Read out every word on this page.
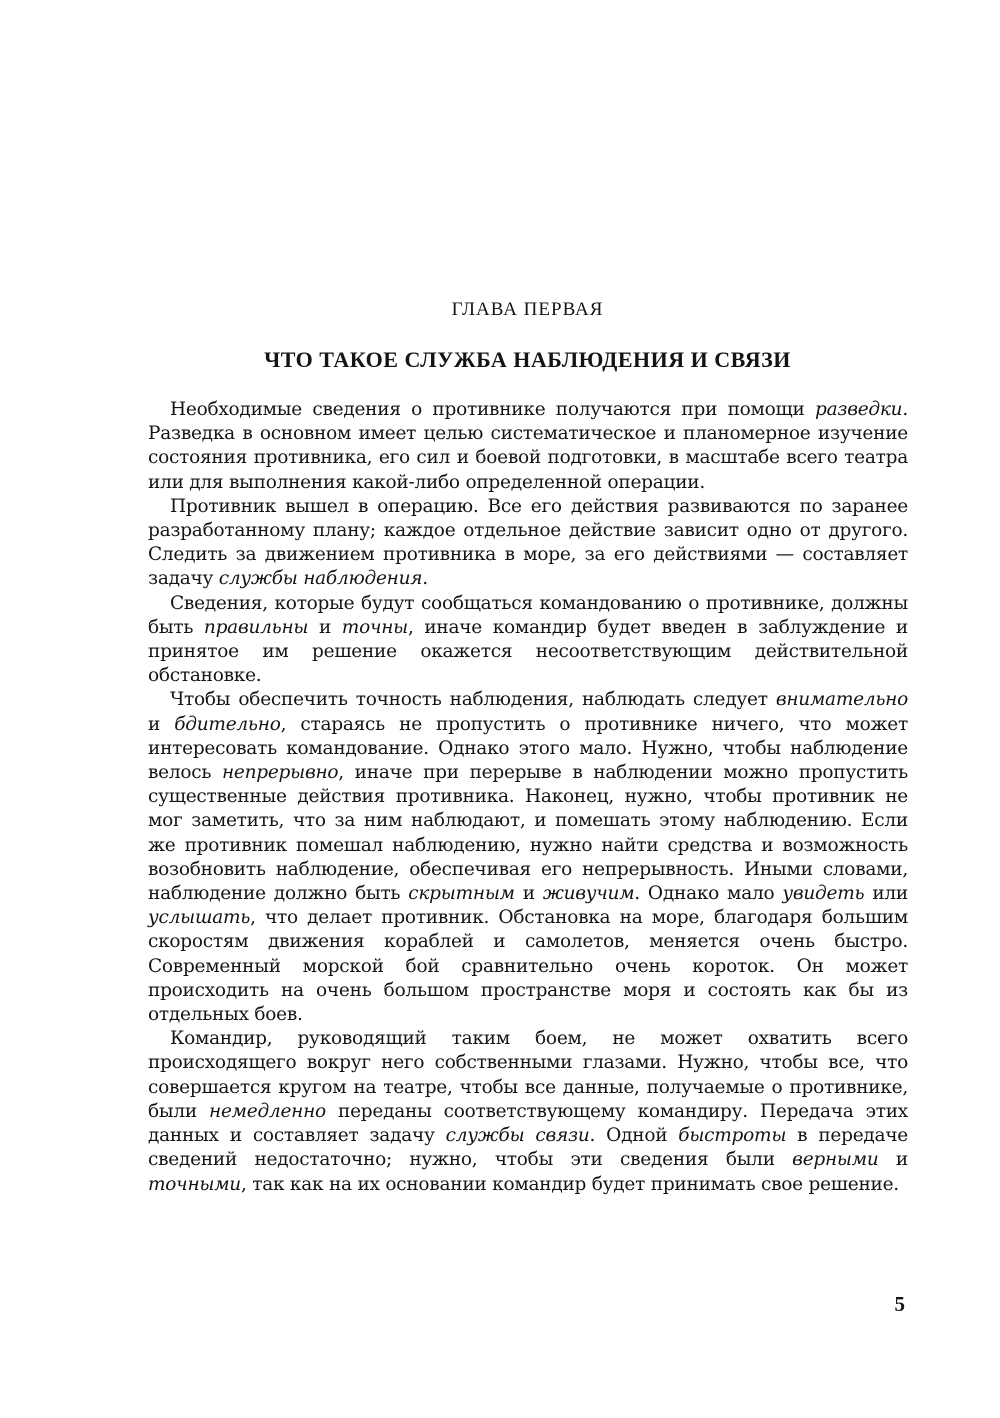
ГЛАВА ПЕРВАЯ
ЧТО ТАКОЕ СЛУЖБА НАБЛЮДЕНИЯ И СВЯЗИ

Необходимые сведения о противнике получаются при помощи разведки. Разведка в основном имеет целью систематическое и планомерное изучение состояния противника, его сил и боевой подготовки, в масштабе всего театра или для выполнения какой-либо определенной операции.

Противник вышел в операцию. Все его действия развиваются по заранее разработанному плану; каждое отдельное действие зависит одно от другого. Следить за движением противника в море, за его действиями — составляет задачу службы наблюдения.

Сведения, которые будут сообщаться командованию о противнике, должны быть правильны и точны, иначе командир будет введен в заблуждение и принятое им решение окажется несоответствующим действительной обстановке.

Чтобы обеспечить точность наблюдения, наблюдать следует внимательно и бдительно, стараясь не пропустить о противнике ничего, что может интересовать командование. Однако этого мало. Нужно, чтобы наблюдение велось непрерывно, иначе при перерыве в наблюдении можно пропустить существенные действия противника. Наконец, нужно, чтобы противник не мог заметить, что за ним наблюдают, и помешать этому наблюдению. Если же противник помешал наблюдению, нужно найти средства и возможность возобновить наблюдение, обеспечивая его непрерывность. Иными словами, наблюдение должно быть скрытным и живучим. Однако мало увидеть или услышать, что делает противник. Обстановка на море, благодаря большим скоростям движения кораблей и самолетов, меняется очень быстро. Современный морской бой сравнительно очень короток. Он может происходить на очень большом пространстве моря и состоять как бы из отдельных боев.

Командир, руководящий таким боем, не может охватить всего происходящего вокруг него собственными глазами. Нужно, чтобы все, что совершается кругом на театре, чтобы все данные, получаемые о противнике, были немедленно переданы соответствующему командиру. Передача этих данных и составляет задачу службы связи. Одной быстроты в передаче сведений недостаточно; нужно, чтобы эти сведения были верными и точными, так как на их основании командир будет принимать свое решение.

5
